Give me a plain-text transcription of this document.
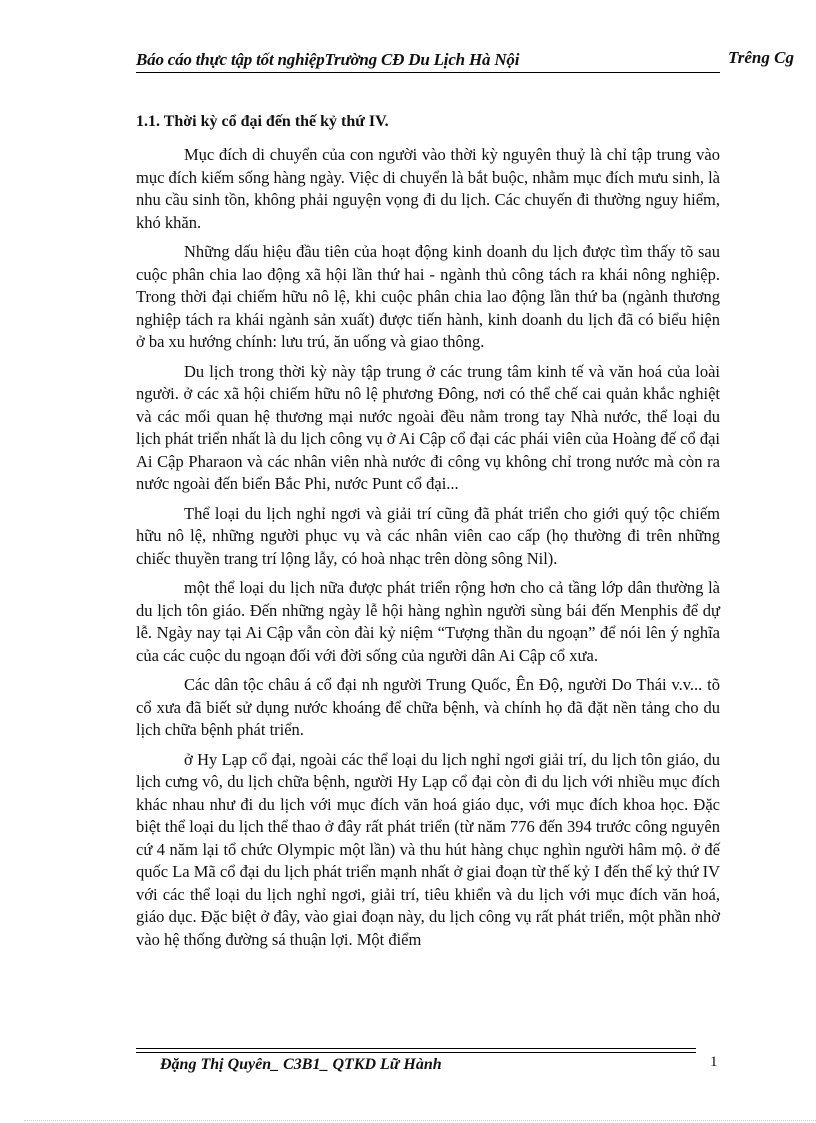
Báo cáo thực tập tốt nghiệpTrường CĐ Du Lịch Hà Nội	Trêng Cg
1.1. Thời kỳ cổ đại đến thế kỷ thứ IV.

Mục đích di chuyển của con người vào thời kỳ nguyên thuỷ là chỉ tập trung vào mục đích kiếm sống hàng ngày. Việc di chuyển là bắt buộc, nhằm mục đích mưu sinh, là nhu cầu sinh tồn, không phải nguyện vọng đi du lịch. Các chuyến đi thường nguy hiểm, khó khăn.

Những dấu hiệu đầu tiên của hoạt động kinh doanh du lịch được tìm thấy tõ sau cuộc phân chia lao động xã hội lần thứ hai - ngành thủ công tách ra khái nông nghiệp. Trong thời đại chiếm hữu nô lệ, khi cuộc phân chia lao động lần thứ ba (ngành thương nghiệp tách ra khái ngành sản xuất) được tiến hành, kinh doanh du lịch đã có biểu hiện ở ba xu hướng chính: lưu trú, ăn uống và giao thông.

Du lịch trong thời kỳ này tập trung ở các trung tâm kinh tế và văn hoá của loài người. ở các xã hội chiếm hữu nô lệ phương Đông, nơi có thể chế cai quản khắc nghiệt và các mối quan hệ thương mại nước ngoài đều nằm trong tay Nhà nước, thể loại du lịch phát triển nhất là du lịch công vụ ở Ai Cập cổ đại các phái viên của Hoàng đế cổ đại Ai Cập Pharaon và các nhân viên nhà nước đi công vụ không chỉ trong nước mà còn ra nước ngoài đến biển Bắc Phi, nước Punt cổ đại...

Thể loại du lịch nghỉ ngơi và giải trí cũng đã phát triển cho giới quý tộc chiếm hữu nô lệ, những người phục vụ và các nhân viên cao cấp (họ thường đi trên những chiếc thuyền trang trí lộng lẫy, có hoà nhạc trên dòng sông Nil).

một thể loại du lịch nữa được phát triển rộng hơn cho cả tầng lớp dân thường là du lịch tôn giáo. Đến những ngày lễ hội hàng nghìn người sùng bái đến Menphis để dự lễ. Ngày nay tại Ai Cập vẫn còn đài kỷ niệm “Tượng thần du ngoạn” để nói lên ý nghĩa của các cuộc du ngoạn đối với đời sống của người dân Ai Cập cổ xưa.

Các dân tộc châu á cổ đại nh người Trung Quốc, Ên Độ, người Do Thái v.v... tõ cổ xưa đã biết sử dụng nước khoáng để chữa bệnh, và chính họ đã đặt nền tảng cho du lịch chữa bệnh phát triển.

ở Hy Lạp cổ đại, ngoài các thể loại du lịch nghỉ ngơi giải trí, du lịch tôn giáo, du lịch cưng vô, du lịch chữa bệnh, người Hy Lạp cổ đại còn đi du lịch với nhiều mục đích khác nhau như đi du lịch với mục đích văn hoá giáo dục, với mục đích khoa học. Đặc biệt thể loại du lịch thể thao ở đây rất phát triển (từ năm 776 đến 394 trước công nguyên cứ 4 năm lại tổ chức Olympic một lần) và thu hút hàng chục nghìn người hâm mộ. ở đế quốc La Mã cổ đại du lịch phát triển mạnh nhất ở giai đoạn từ thế kỷ I đến thế kỷ thứ IV với các thể loại du lịch nghỉ ngơi, giải trí, tiêu khiển và du lịch với mục đích văn hoá, giáo dục. Đặc biệt ở đây, vào giai đoạn này, du lịch công vụ rất phát triển, một phần nhờ vào hệ thống đường sá thuận lợi. Một điểm

Đặng Thị Quyên_ C3B1_ QTKD Lữ Hành	1
